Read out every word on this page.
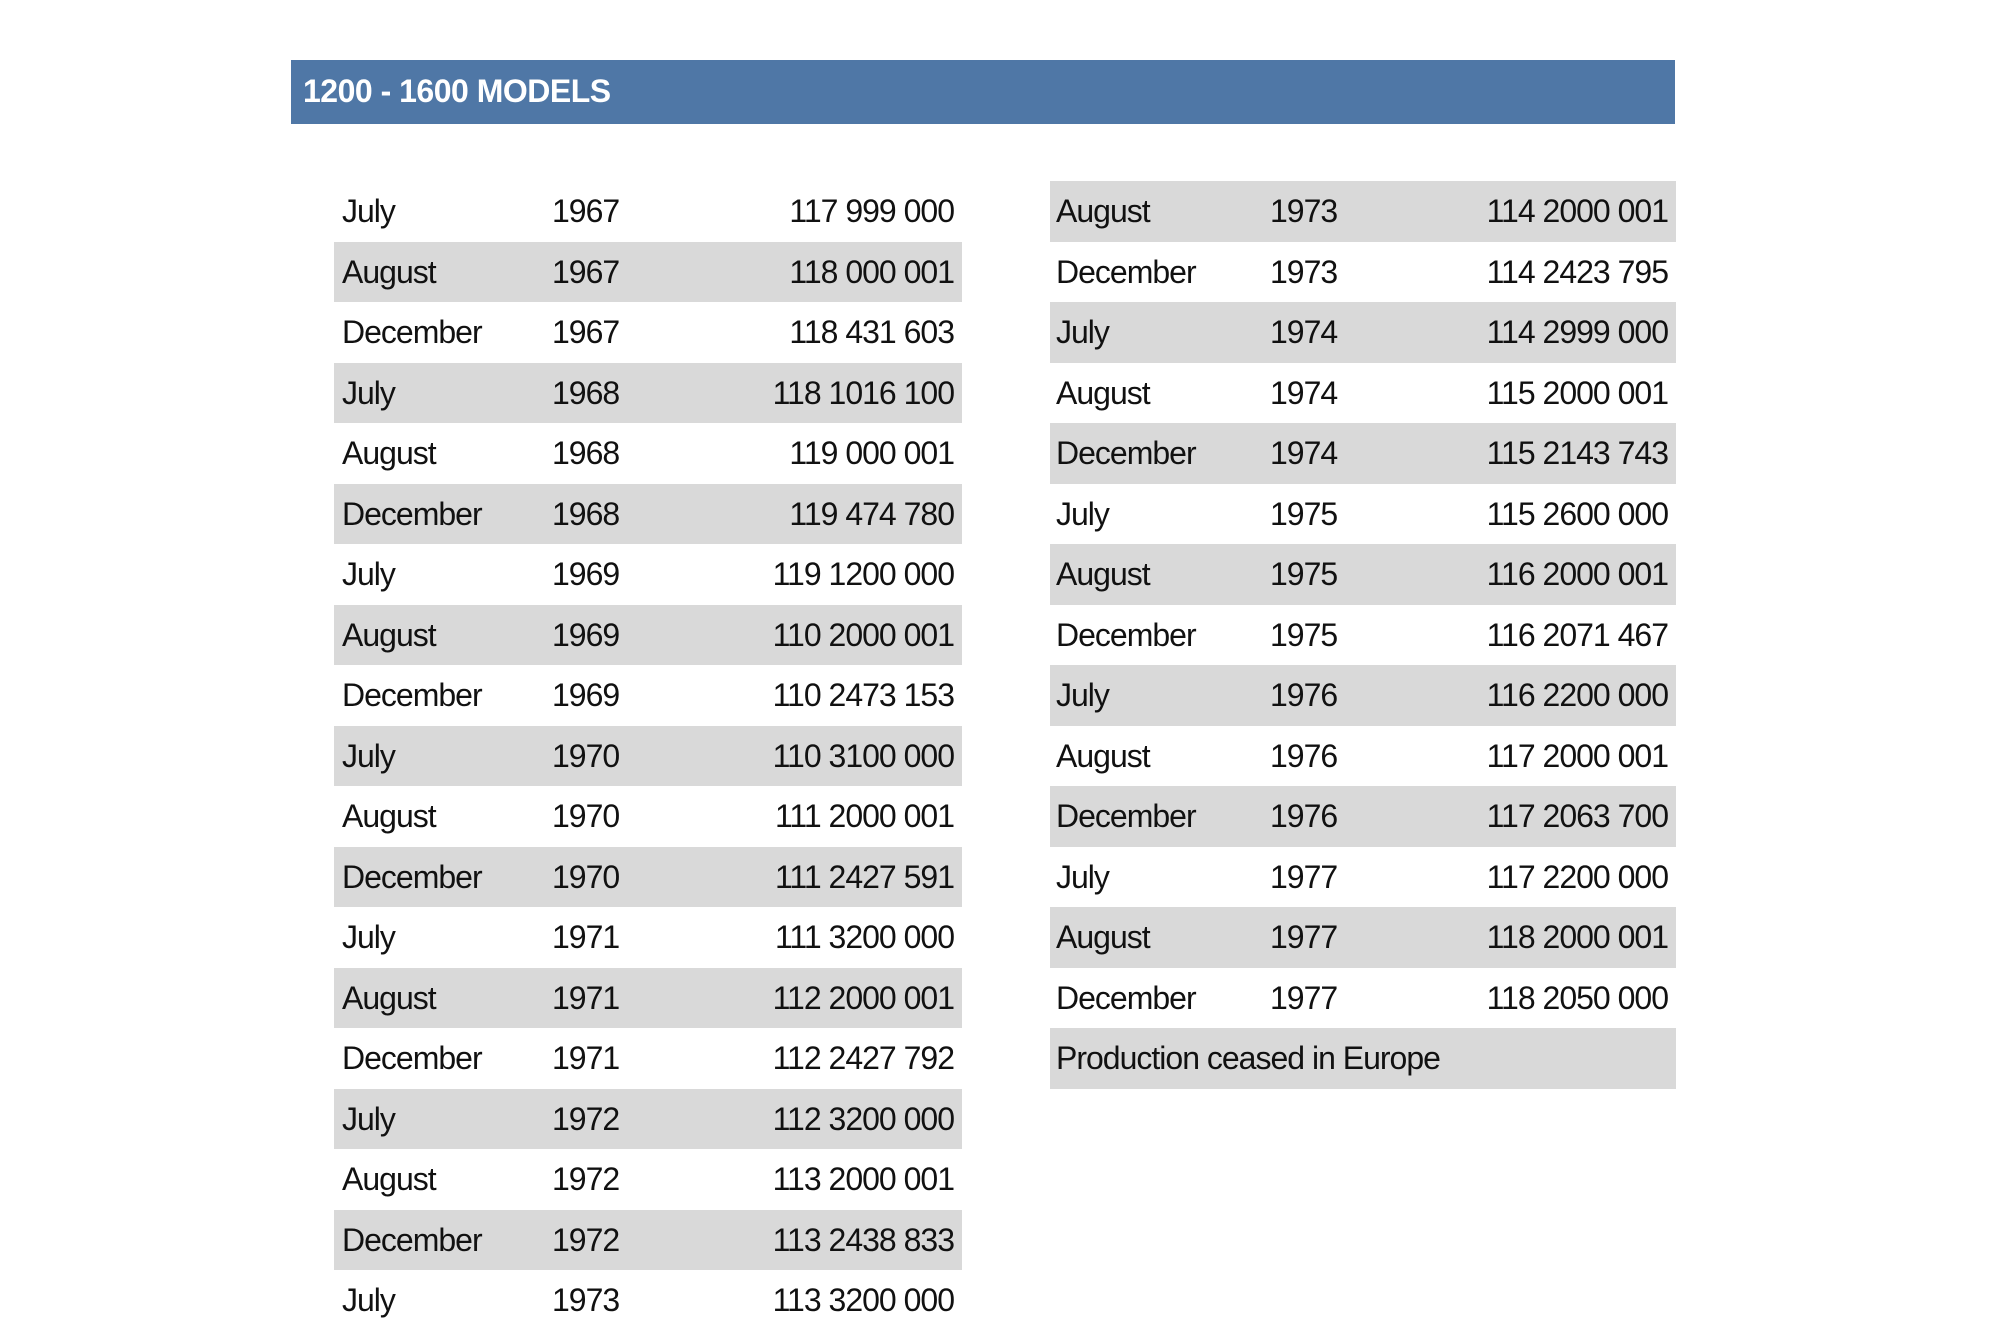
1200 - 1600 MODELS
July	1967	117 999 000
August	1967	118 000 001
December 1967	118 431 603
July	1968	118 1016 100
August	1968	119 000 001
December 1968	119 474 780
July	1969	119 1200 000
August	1969	110 2000 001
December 1969	110 2473 153
July	1970	110 3100 000
August	1970	111 2000 001
December 1970	111 2427 591
July	1971	111 3200 000
August	1971	112 2000 001
December 1971	112 2427 792
July	1972	112 3200 000
August	1972	113 2000 001
December 1972	113 2438 833
July	1973	113 3200 000
August	1973	114 2000 001
December 1973	114 2423 795
July	1974	114 2999 000
August	1974	115 2000 001
December 1974	115 2143 743
July	1975	115 2600 000
August	1975	116 2000 001
December 1975	116 2071 467
July	1976	116 2200 000
August	1976	117 2000 001
December 1976	117 2063 700
July	1977	117 2200 000
August	1977	118 2000 001
December 1977	118 2050 000
Production ceased in Europe
